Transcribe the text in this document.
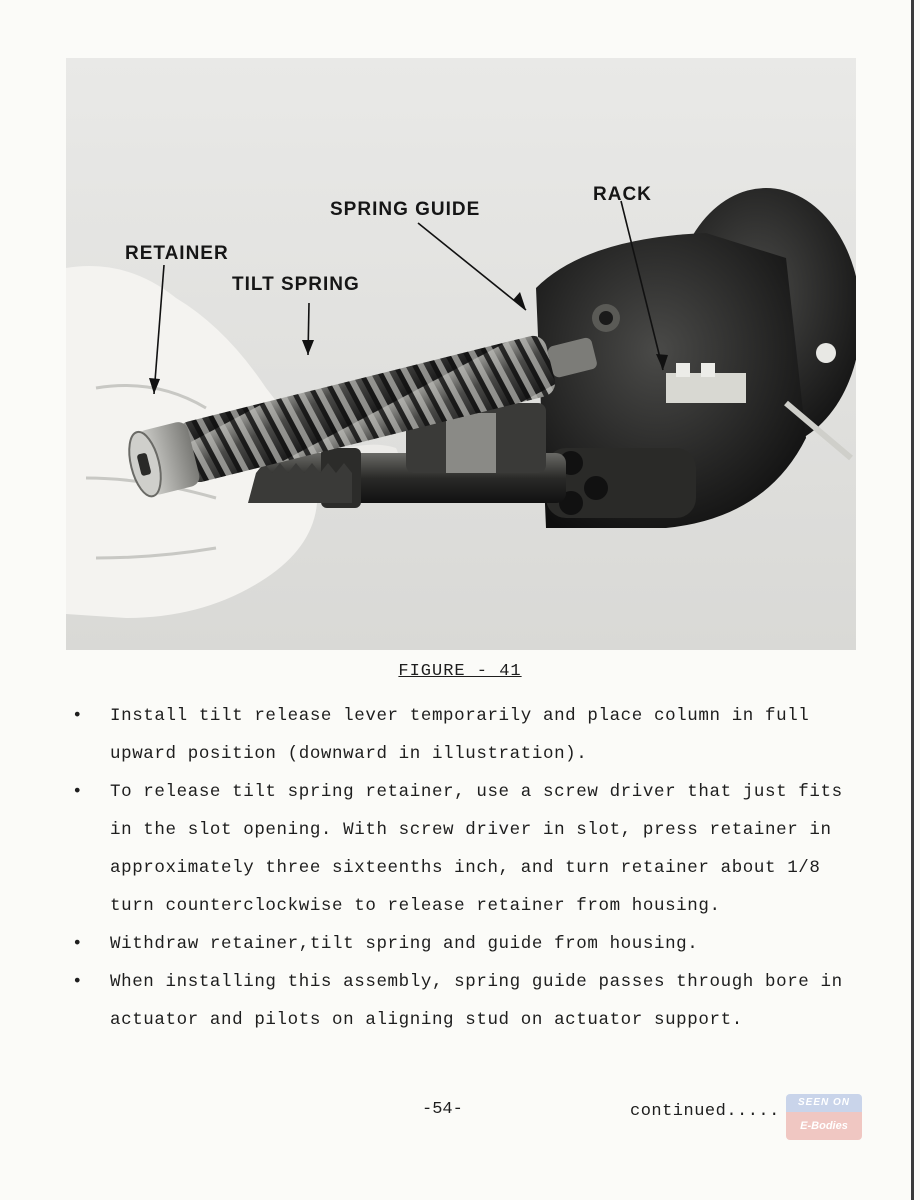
RACK
SPRING GUIDE
RETAINER
TILT SPRING
FIGURE - 41
• Install tilt release lever temporarily and place column in full upward position (downward in illustration).
• To release tilt spring retainer, use a screw driver that just fits in the slot opening. With screw driver in slot, press retainer in approximately three sixteenths inch, and turn retainer about 1/8 turn counterclockwise to release retainer from housing.
• Withdraw retainer,tilt spring and guide from housing.
• When installing this assembly, spring guide passes through bore in actuator and pilots on aligning stud on actuator support.
-54-	continued.....	SEEN ON
E-Bodies
